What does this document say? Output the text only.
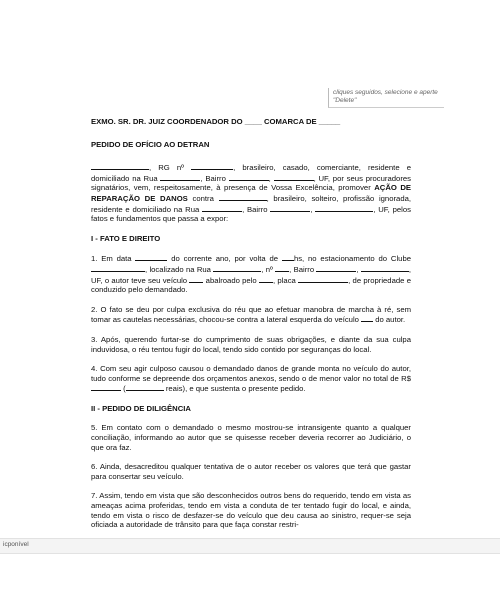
cliques seguidos, selecione e aperte "Delete"
EXMO. SR. DR. JUIZ COORDENADOR DO ____ COMARCA DE _____
PEDIDO DE OFÍCIO AO DETRAN
, RG nº	, brasileiro, casado, comerciante, residente e domiciliado na Rua	, Bairro	,	, UF, por seus procuradores signatários, vem, respeitosamente, à presença de Vossa Excelência, promover AÇÃO DE REPARAÇÃO DE DANOS contra	, brasileiro, solteiro, profissão ignorada, residente e domiciliado na Rua	, Bairro	,	, UF, pelos fatos e fundamentos que passa a expor:
I - FATO E DIREITO
1. Em data	do corrente ano, por volta de hs, no estacionamento do Clube , localizado na Rua	, nº , Bairro	,	, UF, o autor teve seu veículo abalroado pelo , placa	, de propriedade e conduzido pelo demandado.
2. O fato se deu por culpa exclusiva do réu que ao efetuar manobra de marcha à ré, sem tomar as cautelas necessárias, chocou-se contra a lateral esquerda do veículo do autor.
3. Após, querendo furtar-se do cumprimento de suas obrigações, e diante da sua culpa induvidosa, o réu tentou fugir do local, tendo sido contido por seguranças do local.
4. Com seu agir culposo causou o demandado danos de grande monta no veículo do autor, tudo conforme se depreende dos orçamentos anexos, sendo o de menor valor no total de R$  (	reais), e que sustenta o presente pedido.
II - PEDIDO DE DILIGÊNCIA
5. Em contato com o demandado o mesmo mostrou-se intransigente quanto a qualquer conciliação, informando ao autor que se quisesse receber deveria recorrer ao Judiciário, o que ora faz.
6. Ainda, desacreditou qualquer tentativa de o autor receber os valores que terá que gastar para consertar seu veículo.
7. Assim, tendo em vista que são desconhecidos outros bens do requerido, tendo em vista as ameaças acima proferidas, tendo em vista a conduta de ter tentado fugir do local, e ainda, tendo em vista o risco de desfazer-se do veículo que deu causa ao sinistro, requer-se seja oficiada a autoridade de trânsito para que faça constar restri-
icponível
